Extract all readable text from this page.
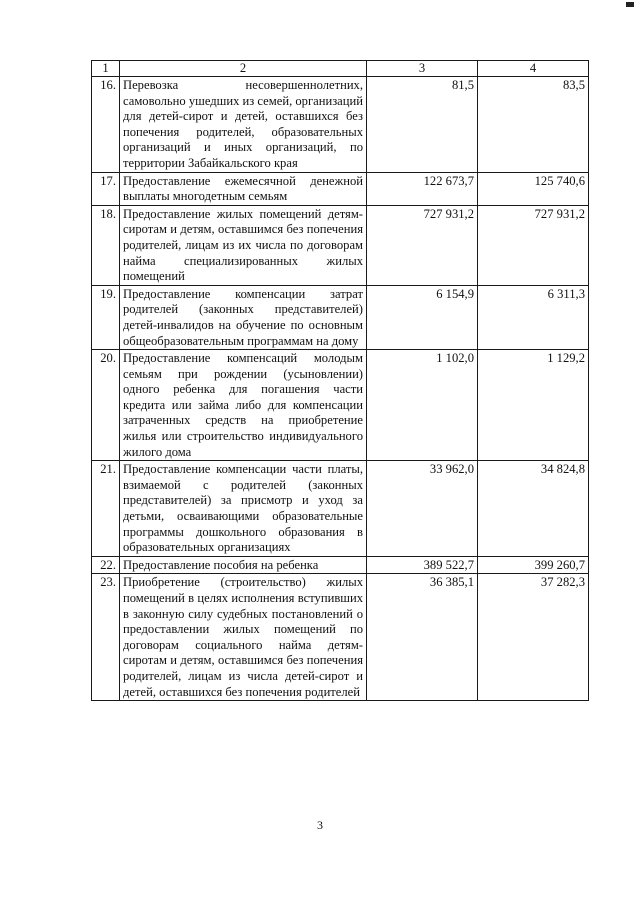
1	2	3	4
16.	Перевозка несовершеннолетних, самовольно ушедших из семей, организаций для детей-сирот и детей, оставшихся без попечения родителей, образовательных организаций и иных организаций, по территории Забайкальского края	81,5	83,5
17.	Предоставление ежемесячной денежной выплаты многодетным семьям	122 673,7	125 740,6
18.	Предоставление жилых помещений детям-сиротам и детям, оставшимся без попечения родителей, лицам из их числа по договорам найма специализированных жилых помещений	727 931,2	727 931,2
19.	Предоставление компенсации затрат родителей (законных представителей) детей-инвалидов на обучение по основным общеобразовательным программам на дому	6 154,9	6 311,3
20.	Предоставление компенсаций молодым семьям при рождении (усыновлении) одного ребенка для погашения части кредита или займа либо для компенсации затраченных средств на приобретение жилья или строительство индивидуального жилого дома	1 102,0	1 129,2
21.	Предоставление компенсации части платы, взимаемой с родителей (законных представителей) за присмотр и уход за детьми, осваивающими образовательные программы дошкольного образования в образовательных организациях	33 962,0	34 824,8
22.	Предоставление пособия на ребенка	389 522,7	399 260,7
23.	Приобретение (строительство) жилых помещений в целях исполнения вступивших в законную силу судебных постановлений о предоставлении жилых помещений по договорам социального найма детям-сиротам и детям, оставшимся без попечения родителей, лицам из числа детей-сирот и детей, оставшихся без попечения родителей	36 385,1	37 282,3
3
